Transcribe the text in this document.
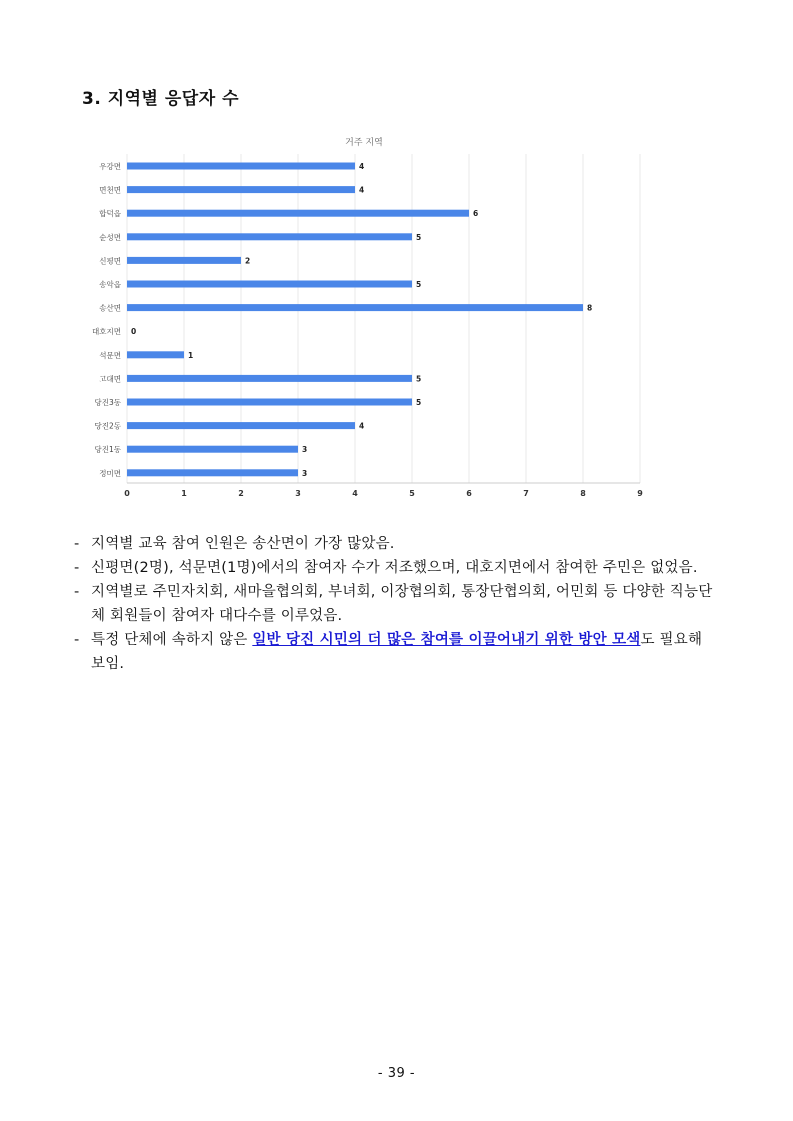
3. 지역별 응답자 수
거주 지역
0	1	2	3	4	5	6	7	8	9
우강면	4
면천면	4
합덕읍	6
순성면	5
신평면	2
송악읍	5
송산면	8
대호지면 0
석문면	1
고대면	5
당진3동	5
당진2동	4
당진1동	3
정미면	3
- 지역별 교육 참여 인원은 송산면이 가장 많았음.
- 신평면(2명), 석문면(1명)에서의 참여자 수가 저조했으며, 대호지면에서 참여한 주민은 없었음.
- 지역별로 주민자치회, 새마을협의회, 부녀회, 이장협의회, 통장단협의회, 어민회 등 다양한 직능단체 회원들이 참여자 대다수를 이루었음.
- 특정 단체에 속하지 않은 일반 당진 시민의 더 많은 참여를 이끌어내기 위한 방안 모색도 필요해 보임.
- 39 -
